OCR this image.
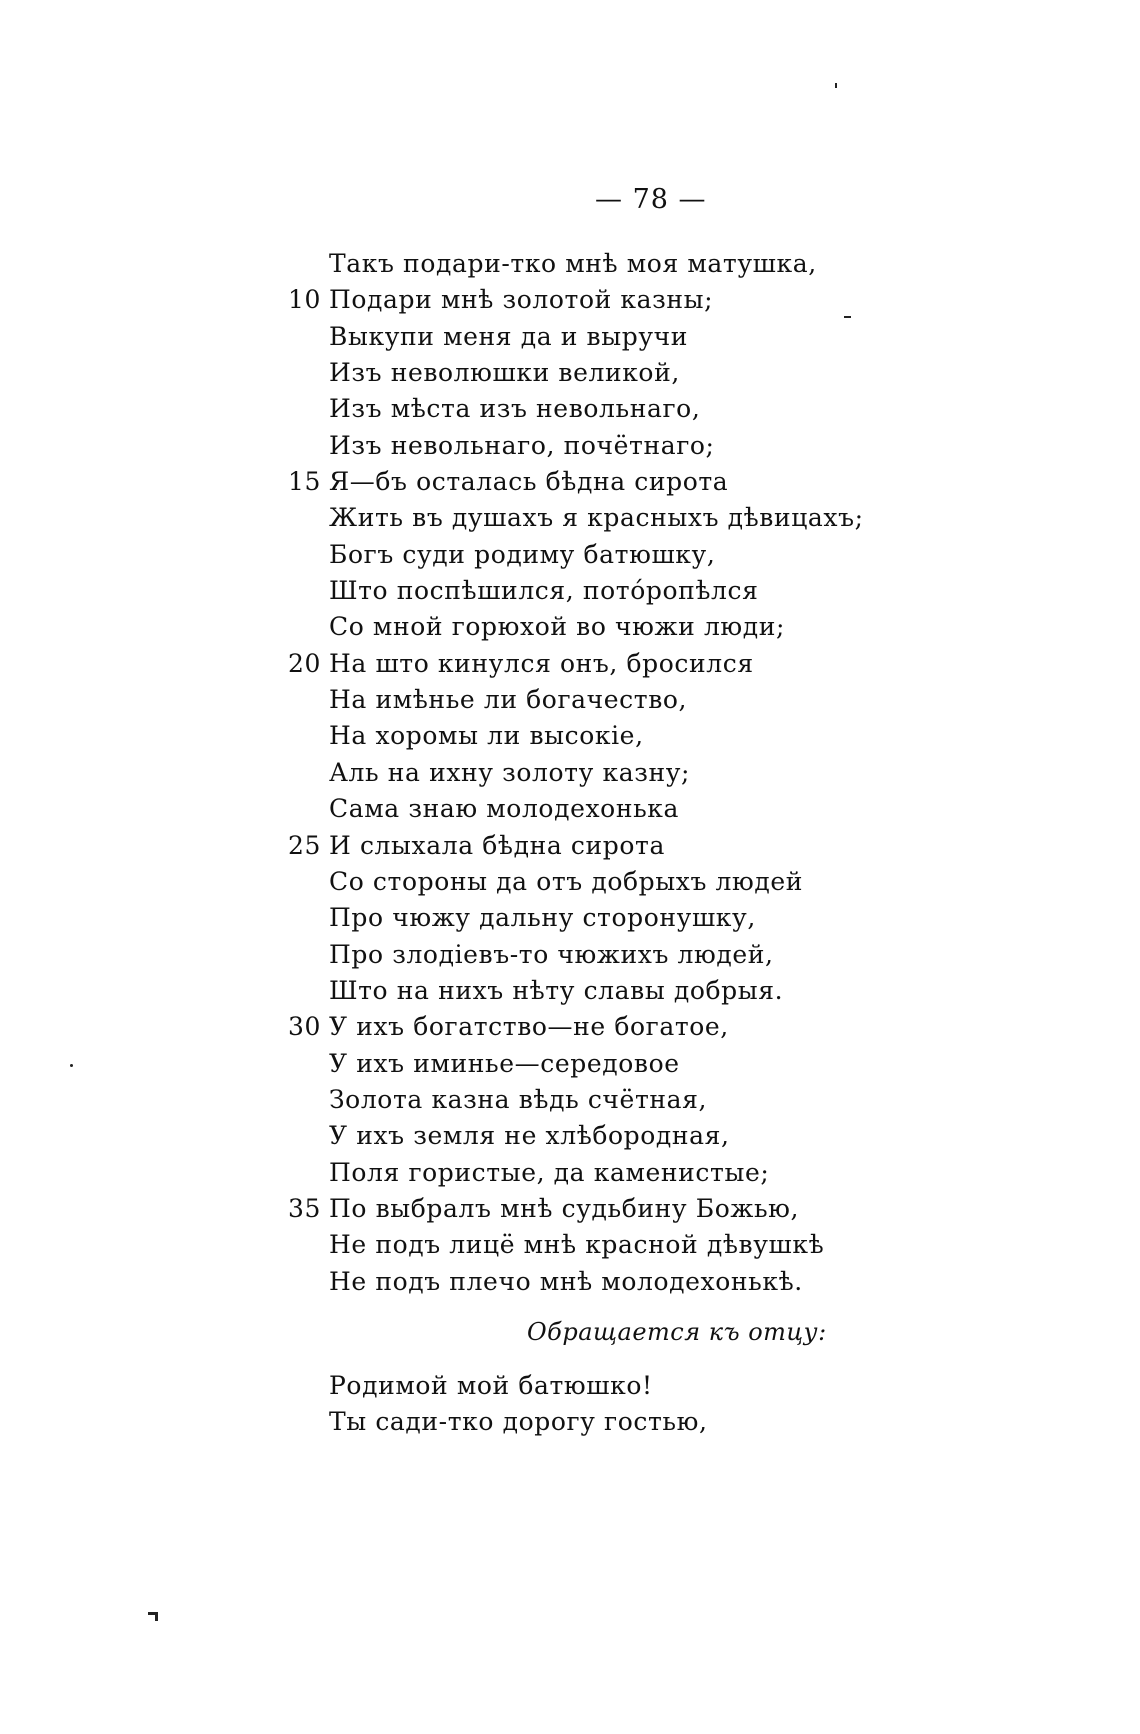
— 78 —
Такъ подари-тко мнѣ моя матушка,
10 Подари мнѣ золотой казны;
Выкупи меня да и выручи
Изъ неволюшки великой,
Изъ мѣста изъ невольнаго,
Изъ невольнаго, почётнаго;
15 Я—бъ осталась бѣдна сирота
Жить въ душахъ я красныхъ дѣвицахъ;
Богъ суди родиму батюшку,
Што поспѣшился, потóропѣлся
Со мной горюхой во чюжи люди;
20 На што кинулся онъ, бросился
На имѣнье ли богачество,
На хоромы ли высокіе,
Аль на ихну золоту казну;
Сама знаю молодехонька
25 И слыхала бѣдна сирота
Со стороны да отъ добрыхъ людей
Про чюжу дальну сторонушку,
Про злодіевъ-то чюжихъ людей,
Што на нихъ нѣту славы добрыя.
30 У ихъ богатство—не богатое,
У ихъ иминье—середовое
Золота казна вѣдь счётная,
У ихъ земля не хлѣбородная,
Поля гористые, да каменистые;
35 По выбралъ мнѣ судьбину Божью,
Не подъ лицё мнѣ красной дѣвушкѣ
Не подъ плечо мнѣ молодехонькѣ.
Обращается къ отцу:
Родимой мой батюшко!
Ты сади-тко дорогу гостью,
